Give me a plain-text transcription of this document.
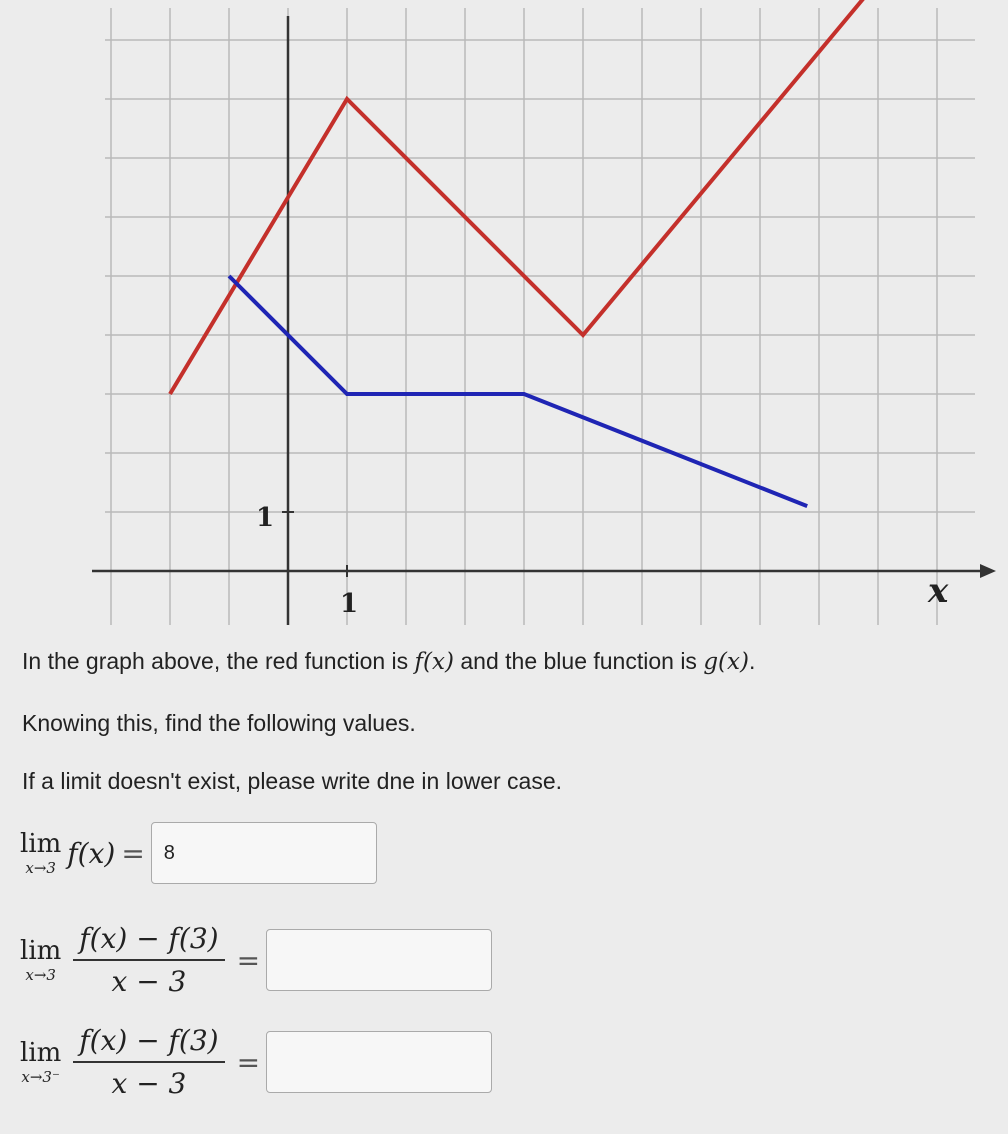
1
1
x
In the graph above, the red function is f(x) and the blue function is g(x).
Knowing this, find the following values.
If a limit doesn't exist, please write dne in lower case.
lim
x→3 f(x) =
8
lim
$x\to 3 \frac{f(x) - f(3)}{x - 3}$ =
lim
$x\to 3^- \frac{f(x) - f(3)}{x - 3}$ =
